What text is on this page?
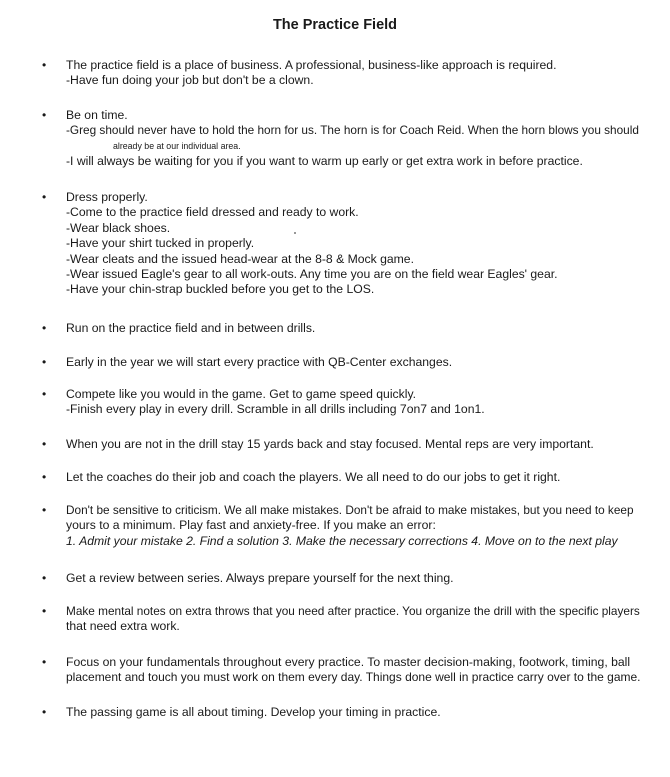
The Practice Field
• The practice field is a place of business. A professional, business-like approach is required.
-Have fun doing your job but don't be a clown.
• Be on time.
-Greg should never have to hold the horn for us. The horn is for Coach Reid. When the horn blows you should
already be at our individual area.
-I will always be waiting for you if you want to warm up early or get extra work in before practice.
• Dress properly.
-Come to the practice field dressed and ready to work.
-Wear black shoes.
-Have your shirt tucked in properly.
-Wear cleats and the issued head-wear at the 8-8 & Mock game.
-Wear issued Eagle's gear to all work-outs. Any time you are on the field wear Eagles' gear.
-Have your chin-strap buckled before you get to the LOS.
• Run on the practice field and in between drills.
• Early in the year we will start every practice with QB-Center exchanges.
• Compete like you would in the game. Get to game speed quickly.
-Finish every play in every drill. Scramble in all drills including 7on7 and 1on1.
• When you are not in the drill stay 15 yards back and stay focused. Mental reps are very important.
• Let the coaches do their job and coach the players. We all need to do our jobs to get it right.
• Don't be sensitive to criticism. We all make mistakes. Don't be afraid to make mistakes, but you need to keep
yours to a minimum. Play fast and anxiety-free. If you make an error:
1. Admit your mistake 2. Find a solution 3. Make the necessary corrections 4. Move on to the next play
• Get a review between series. Always prepare yourself for the next thing.
• Make mental notes on extra throws that you need after practice. You organize the drill with the specific players
that need extra work.
• Focus on your fundamentals throughout every practice. To master decision-making, footwork, timing, ball
placement and touch you must work on them every day. Things done well in practice carry over to the game.
• The passing game is all about timing. Develop your timing in practice.
